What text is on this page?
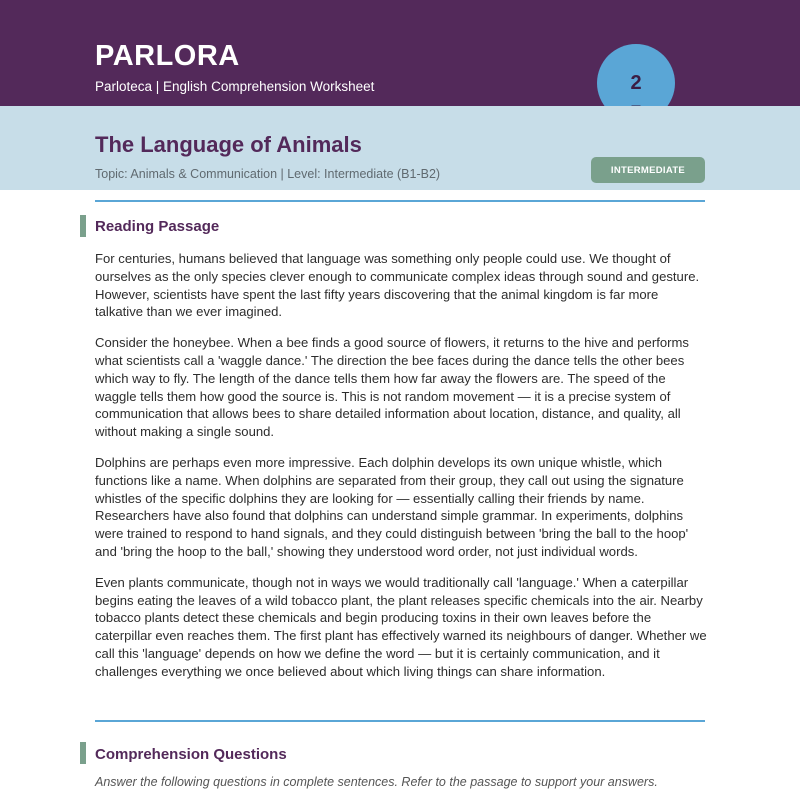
PARLORA
Parloteca | English Comprehension Worksheet	2
—
The Language of Animals
Topic: Animals & Communication | Level: Intermediate (B1-B2)	INTERMEDIATE
Reading Passage

For centuries, humans believed that language was something only people could use. We thought of ourselves as the only species clever enough to communicate complex ideas through sound and gesture. However, scientists have spent the last fifty years discovering that the animal kingdom is far more talkative than we ever imagined.

Consider the honeybee. When a bee finds a good source of flowers, it returns to the hive and performs what scientists call a 'waggle dance.' The direction the bee faces during the dance tells the other bees which way to fly. The length of the dance tells them how far away the flowers are. The speed of the waggle tells them how good the source is. This is not random movement — it is a precise system of communication that allows bees to share detailed information about location, distance, and quality, all without making a single sound.

Dolphins are perhaps even more impressive. Each dolphin develops its own unique whistle, which functions like a name. When dolphins are separated from their group, they call out using the signature whistles of the specific dolphins they are looking for — essentially calling their friends by name. Researchers have also found that dolphins can understand simple grammar. In experiments, dolphins were trained to respond to hand signals, and they could distinguish between 'bring the ball to the hoop' and 'bring the hoop to the ball,' showing they understood word order, not just individual words.

Even plants communicate, though not in ways we would traditionally call 'language.' When a caterpillar begins eating the leaves of a wild tobacco plant, the plant releases specific chemicals into the air. Nearby tobacco plants detect these chemicals and begin producing toxins in their own leaves before the caterpillar even reaches them. The first plant has effectively warned its neighbours of danger. Whether we call this 'language' depends on how we define the word — but it is certainly communication, and it challenges everything we once believed about which living things can share information.

Comprehension Questions
Answer the following questions in complete sentences. Refer to the passage to support your answers.
